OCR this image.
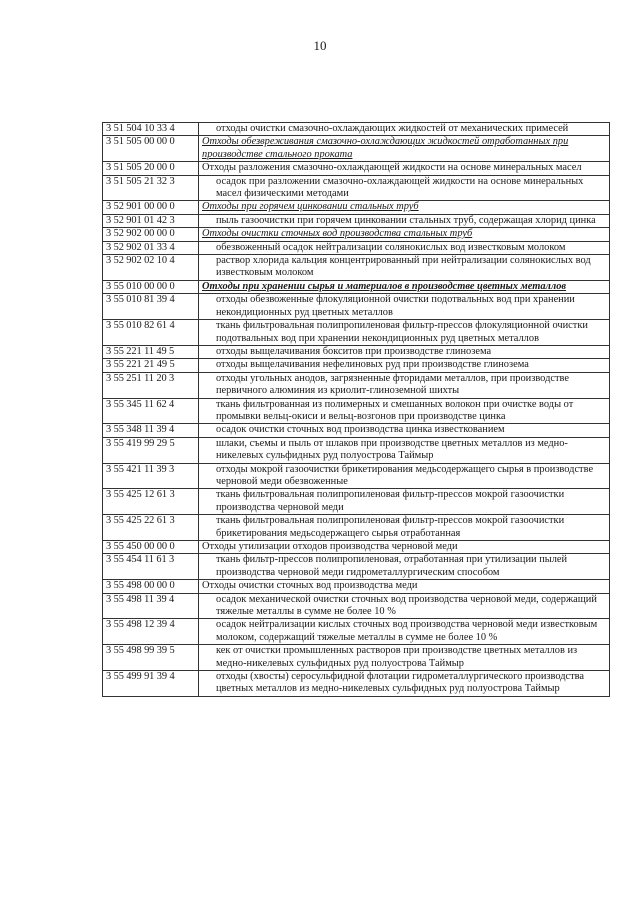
10
3 51 504 10 33 4	отходы очистки смазочно-охлаждающих жидкостей от механических примесей
3 51 505 00 00 0	Отходы обезвреживания смазочно-охлаждающих жидкостей отработанных при производстве стального проката
3 51 505 20 00 0	Отходы разложения смазочно-охлаждающей жидкости на основе минеральных масел
3 51 505 21 32 3	осадок при разложении смазочно-охлаждающей жидкости на основе минеральных масел физическими методами
3 52 901 00 00 0	Отходы при горячем цинковании стальных труб
3 52 901 01 42 3	пыль газоочистки при горячем цинковании стальных труб, содержащая хлорид цинка
3 52 902 00 00 0	Отходы очистки сточных вод производства стальных труб
3 52 902 01 33 4	обезвоженный осадок нейтрализации солянокислых вод известковым молоком
3 52 902 02 10 4	раствор хлорида кальция концентрированный при нейтрализации солянокислых вод известковым молоком
3 55 010 00 00 0	Отходы при хранении сырья и материалов в производстве цветных металлов
3 55 010 81 39 4	отходы обезвоженные флокуляционной очистки подотвальных вод при хранении некондиционных руд цветных металлов
3 55 010 82 61 4	ткань фильтровальная полипропиленовая фильтр-прессов флокуляционной очистки подотвальных вод при хранении некондиционных руд цветных металлов
3 55 221 11 49 5	отходы выщелачивания бокситов при производстве глинозема
3 55 221 21 49 5	отходы выщелачивания нефелиновых руд при производстве глинозема
3 55 251 11 20 3	отходы угольных анодов, загрязненные фторидами металлов, при производстве первичного алюминия из криолит-глиноземной шихты
3 55 345 11 62 4	ткань фильтрованная из полимерных и смешанных волокон при очистке воды от промывки вельц-окиси и вельц-возгонов при производстве цинка
3 55 348 11 39 4	осадок очистки сточных вод производства цинка известкованием
3 55 419 99 29 5	шлаки, съемы и пыль от шлаков при производстве цветных металлов из медно-никелевых сульфидных руд полуострова Таймыр
3 55 421 11 39 3	отходы мокрой газоочистки брикетирования медьсодержащего сырья в производстве черновой меди обезвоженные
3 55 425 12 61 3	ткань фильтровальная полипропиленовая фильтр-прессов мокрой газоочистки производства черновой меди
3 55 425 22 61 3	ткань фильтровальная полипропиленовая фильтр-прессов мокрой газоочистки брикетирования медьсодержащего сырья отработанная
3 55 450 00 00 0	Отходы утилизации отходов производства черновой меди
3 55 454 11 61 3	ткань фильтр-прессов полипропиленовая, отработанная при утилизации пылей производства черновой меди гидрометаллургическим способом
3 55 498 00 00 0	Отходы очистки сточных вод производства меди
3 55 498 11 39 4	осадок механической очистки сточных вод производства черновой меди, содержащий тяжелые металлы в сумме не более 10 %
3 55 498 12 39 4	осадок нейтрализации кислых сточных вод производства черновой меди известковым молоком, содержащий тяжелые металлы в сумме не более 10 %
3 55 498 99 39 5	кек от очистки промышленных растворов при производстве цветных металлов из медно-никелевых сульфидных руд полуострова Таймыр
3 55 499 91 39 4	отходы (хвосты) серосульфидной флотации гидрометаллургического производства цветных металлов из медно-никелевых сульфидных руд полуострова Таймыр
